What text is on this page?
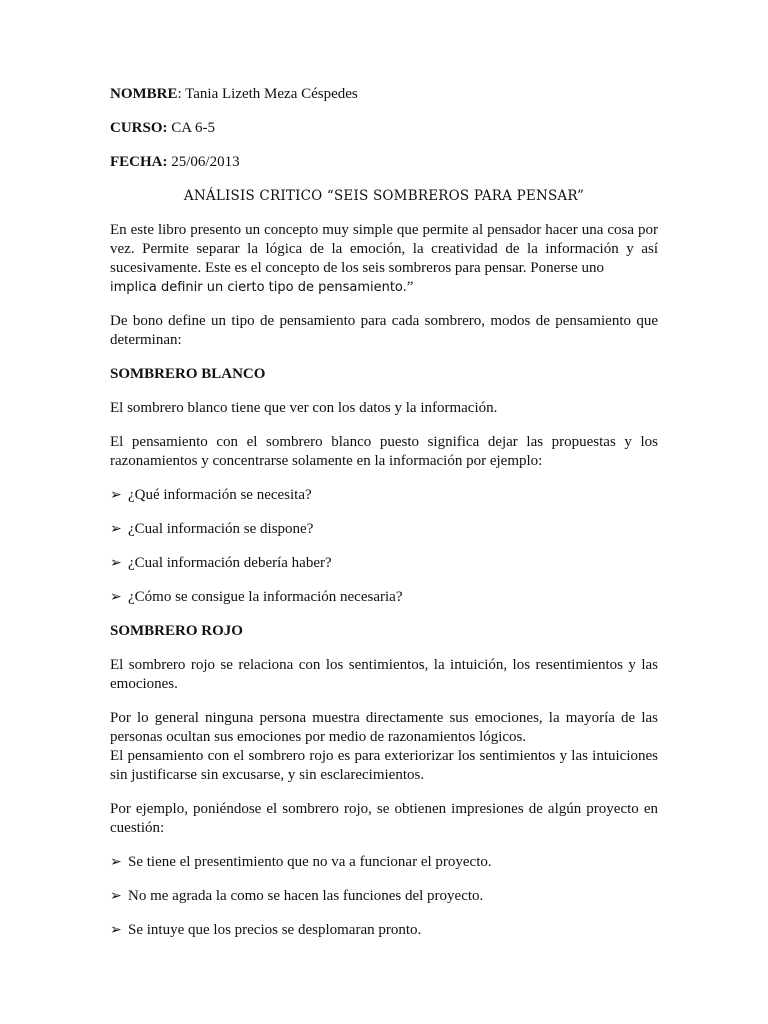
NOMBRE: Tania Lizeth Meza Céspedes

CURSO: CA 6-5

FECHA: 25/06/2013

ANÁLISIS CRITICO “SEIS SOMBREROS PARA PENSAR”

En este libro presento un concepto muy simple que permite al pensador hacer una cosa por vez. Permite separar la lógica de la emoción, la creatividad de la información y así sucesivamente. Este es el concepto de los seis sombreros para pensar. Ponerse uno
implica definir un cierto tipo de pensamiento.”

De bono define un tipo de pensamiento para cada sombrero, modos de pensamiento que determinan:

SOMBRERO BLANCO

El sombrero blanco tiene que ver con los datos y la información.

El pensamiento con el sombrero blanco puesto significa dejar las propuestas y los razonamientos y concentrarse solamente en la información por ejemplo:

➢ ¿Qué información se necesita?
➢ ¿Cual información se dispone?
➢ ¿Cual información debería haber?
➢ ¿Cómo se consigue la información necesaria?

SOMBRERO ROJO

El sombrero rojo se relaciona con los sentimientos, la intuición, los resentimientos y las emociones.

Por lo general ninguna persona muestra directamente sus emociones, la mayoría de las personas ocultan sus emociones por medio de razonamientos lógicos.
El pensamiento con el sombrero rojo es para exteriorizar los sentimientos y las intuiciones sin justificarse sin excusarse, y sin esclarecimientos.

Por ejemplo, poniéndose el sombrero rojo, se obtienen impresiones de algún proyecto en cuestión:

➢ Se tiene el presentimiento que no va a funcionar el proyecto.
➢ No me agrada la como se hacen las funciones del proyecto.
➢ Se intuye que los precios se desplomaran pronto.
